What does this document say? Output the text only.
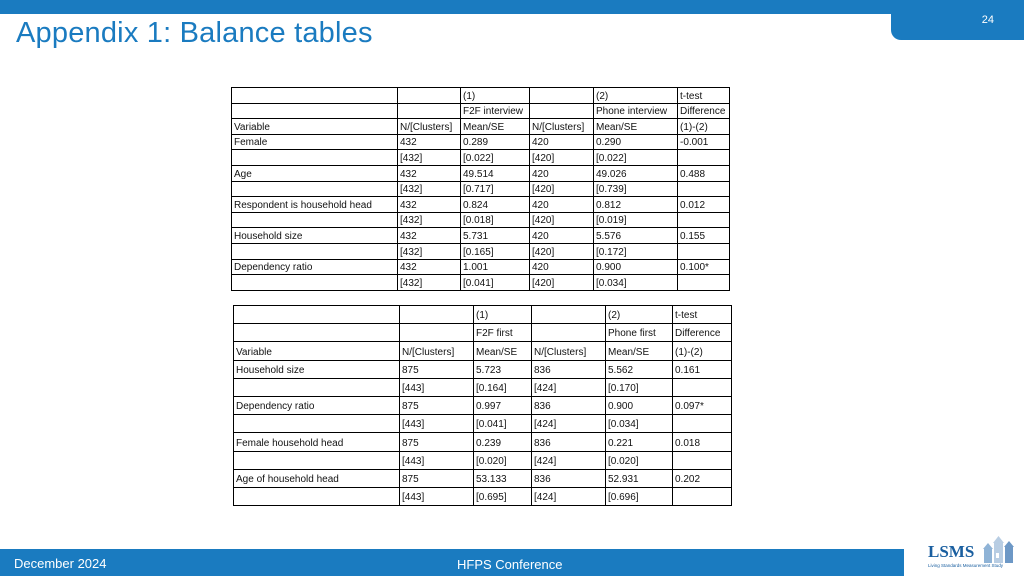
24
Appendix 1: Balance tables
		(1)		(2)	t-test
		F2F interview		Phone interview	Difference
Variable	N/[Clusters]	Mean/SE	N/[Clusters]	Mean/SE	(1)-(2)
Female	432	0.289	420	0.290	-0.001
	[432]	[0.022]	[420]	[0.022]	
Age	432	49.514	420	49.026	0.488
	[432]	[0.717]	[420]	[0.739]	
Respondent is household head	432	0.824	420	0.812	0.012
	[432]	[0.018]	[420]	[0.019]	
Household size	432	5.731	420	5.576	0.155
	[432]	[0.165]	[420]	[0.172]	
Dependency ratio	432	1.001	420	0.900	0.100*
	[432]	[0.041]	[420]	[0.034]	
		(1)		(2)	t-test
		F2F first		Phone first	Difference
Variable	N/[Clusters]	Mean/SE	N/[Clusters]	Mean/SE	(1)-(2)
Household size	875	5.723	836	5.562	0.161
	[443]	[0.164]	[424]	[0.170]	
Dependency ratio	875	0.997	836	0.900	0.097*
	[443]	[0.041]	[424]	[0.034]	
Female household head	875	0.239	836	0.221	0.018
	[443]	[0.020]	[424]	[0.020]	
Age of household head	875	53.133	836	52.931	0.202
	[443]	[0.695]	[424]	[0.696]	
December 2024	HFPS Conference
LSMS
Living Standards Measurement Study
